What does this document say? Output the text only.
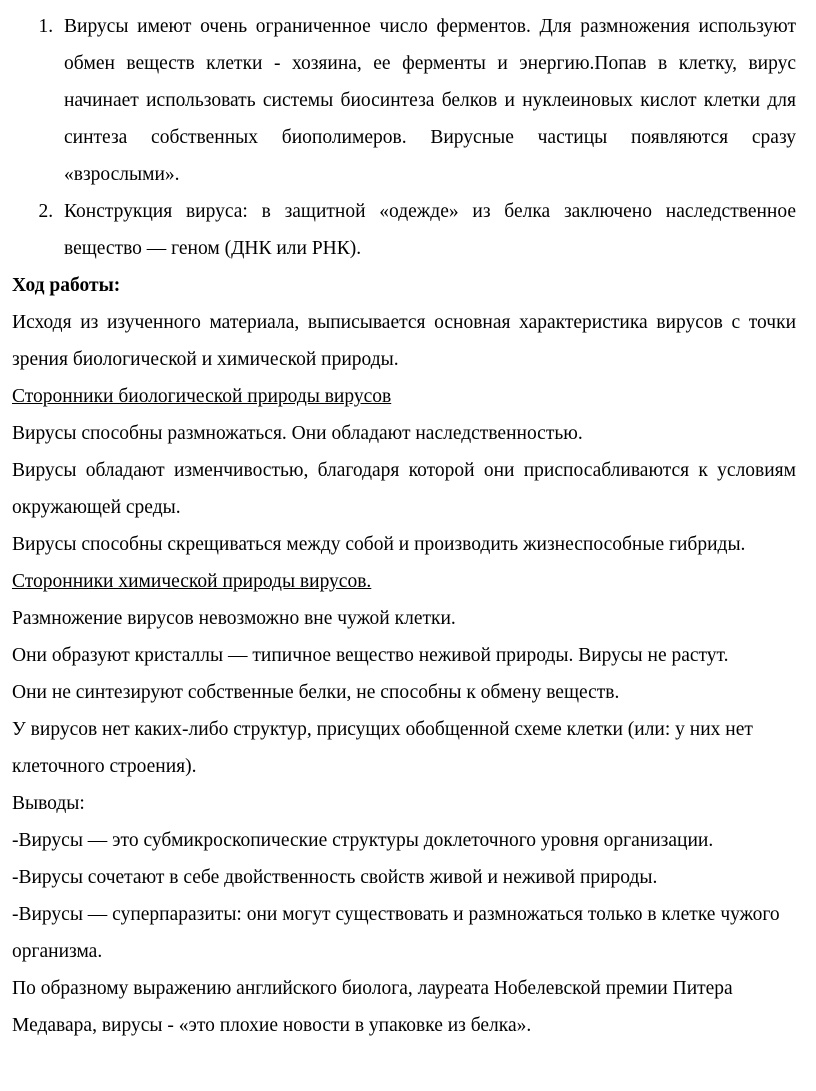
1. Вирусы имеют очень ограниченное число ферментов. Для размножения используют обмен веществ клетки - хозяина, ее ферменты и энергию.Попав в клетку, вирус начинает использовать системы биосинтеза белков и нуклеиновых кислот клетки для синтеза собственных биополимеров. Вирусные частицы появляются сразу «взрослыми».
2. Конструкция вируса: в защитной «одежде» из белка заключено наследственное вещество — геном (ДНК или РНК).

Ход работы:

Исходя из изученного материала, выписывается основная характеристика вирусов с точки зрения биологической и химической природы.

Сторонники биологической природы вирусов

Вирусы способны размножаться. Они обладают наследственностью.

Вирусы обладают изменчивостью, благодаря которой они приспосабливаются к условиям окружающей среды.

Вирусы способны скрещиваться между собой и производить жизнеспособные гибриды.

Сторонники химической природы вирусов.

Размножение вирусов невозможно вне чужой клетки.

Они образуют кристаллы — типичное вещество неживой природы. Вирусы не растут.

Они не синтезируют собственные белки, не способны к обмену веществ.

У вирусов нет каких-либо структур, присущих обобщенной схеме клетки (или: у них нет клеточного строения).

Выводы:

-Вирусы — это субмикроскопические структуры доклеточного уровня организации.

-Вирусы сочетают в себе двойственность свойств живой и неживой природы.

-Вирусы — суперпаразиты: они могут существовать и размножаться только в клетке чужого организма.

По образному выражению английского биолога, лауреата Нобелевской премии Питера Медавара, вирусы - «это плохие новости в упаковке из белка».
